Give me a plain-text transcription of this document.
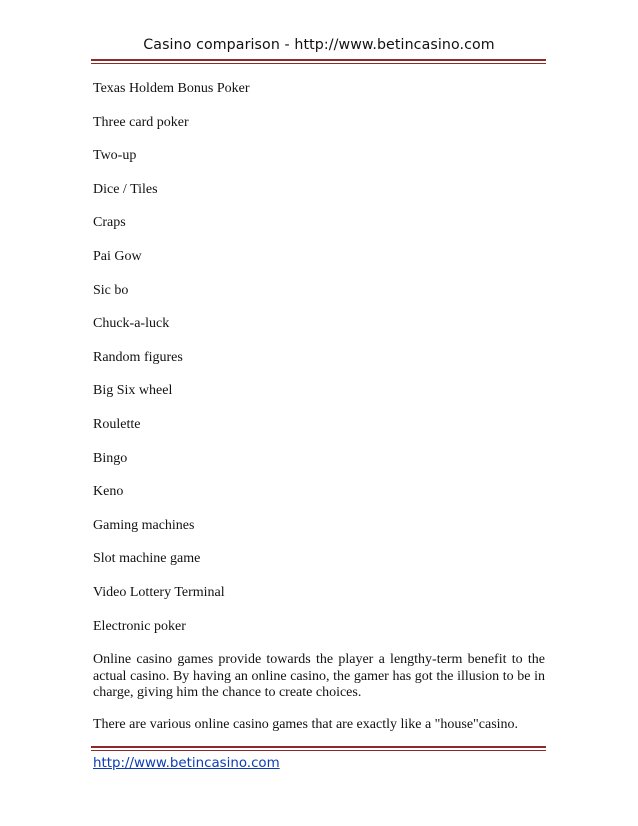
Casino comparison - http://www.betincasino.com
Texas Holdem Bonus Poker
Three card poker
Two-up
Dice / Tiles
Craps
Pai Gow
Sic bo
Chuck-a-luck
Random figures
Big Six wheel
Roulette
Bingo
Keno
Gaming machines
Slot machine game
Video Lottery Terminal
Electronic poker

Online casino games provide towards the player a lengthy-term benefit to the actual casino. By having an online casino, the gamer has got the illusion to be in charge, giving him the chance to create choices.

There are various online casino games that are exactly like a "house"casino.

http://www.betincasino.com
